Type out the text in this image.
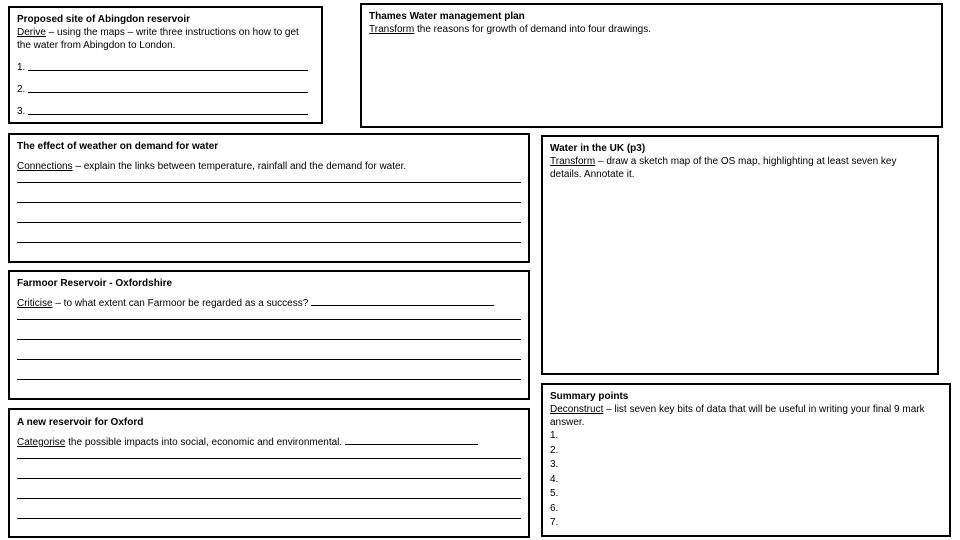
Proposed site of Abingdon reservoir
Derive – using the maps – write three instructions on how to get the water from Abingdon to London.
1.
2.
3.
Thames Water management plan
Transform the reasons for growth of demand into four drawings.
The effect of weather on demand for water
Connections – explain the links between temperature, rainfall and the demand for water.
Water in the UK (p3)
Transform – draw a sketch map of the OS map, highlighting at least seven key details. Annotate it.
Farmoor Reservoir - Oxfordshire
Criticise – to what extent can Farmoor be regarded as a success?
A new reservoir for Oxford
Categorise the possible impacts into social, economic and environmental.
Summary points
Deconstruct – list seven key bits of data that will be useful in writing your final 9 mark answer.
1.
2.
3.
4.
5.
6.
7.
